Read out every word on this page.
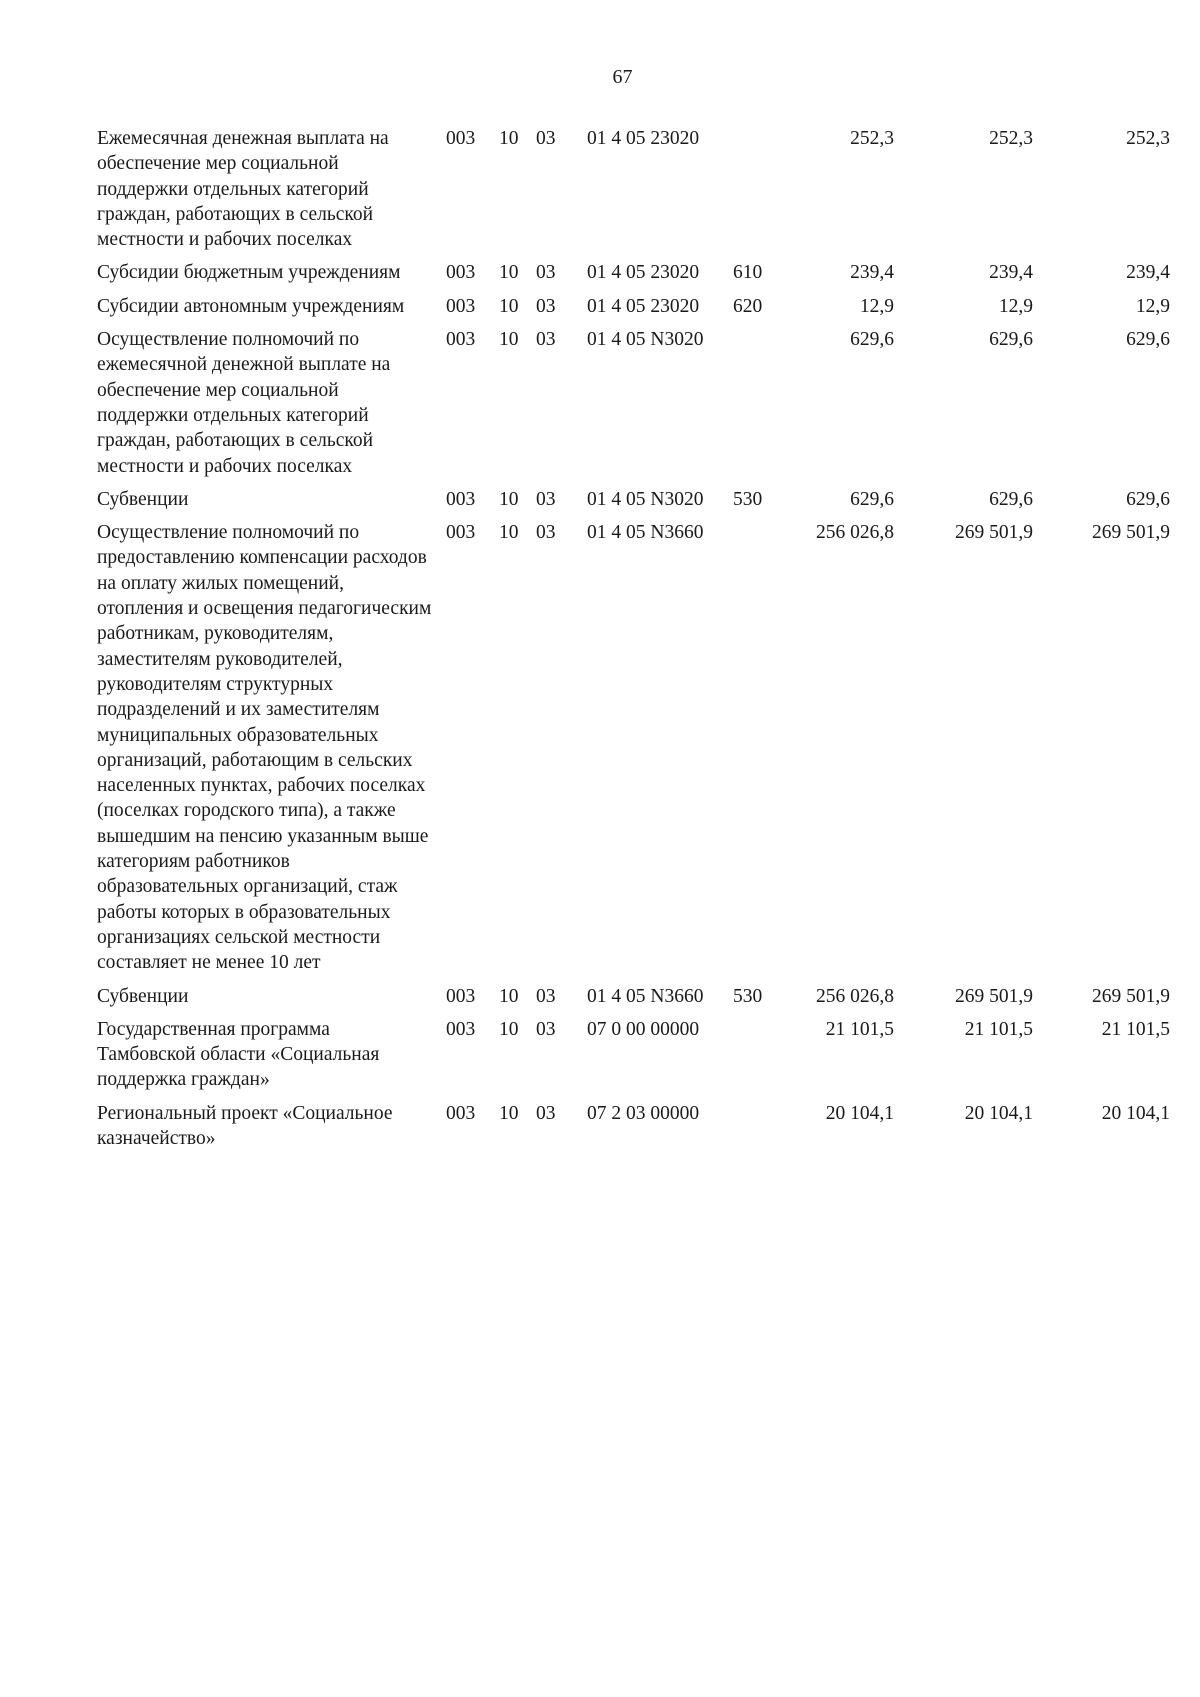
67
Ежемесячная денежная выплата на обеспечение мер социальной поддержки отдельных категорий граждан, работающих в сельской местности и рабочих поселках	003	10	03	01 4 05 23020		252,3	252,3	252,3
Субсидии бюджетным учреждениям	003	10	03	01 4 05 23020	610	239,4	239,4	239,4
Субсидии автономным учреждениям	003	10	03	01 4 05 23020	620	12,9	12,9	12,9
Осуществление полномочий по ежемесячной денежной выплате на обеспечение мер социальной поддержки отдельных категорий граждан, работающих в сельской местности и рабочих поселках	003	10	03	01 4 05 N3020		629,6	629,6	629,6
Субвенции	003	10	03	01 4 05 N3020	530	629,6	629,6	629,6
Осуществление полномочий по предоставлению компенсации расходов на оплату жилых помещений, отопления и освещения педагогическим работникам, руководителям, заместителям руководителей, руководителям структурных подразделений и их заместителям муниципальных образовательных организаций, работающим в сельских населенных пунктах, рабочих поселках (поселках городского типа), а также вышедшим на пенсию указанным выше категориям работников образовательных организаций, стаж работы которых в образовательных организациях сельской местности составляет не менее 10 лет	003	10	03	01 4 05 N3660		256 026,8	269 501,9	269 501,9
Субвенции	003	10	03	01 4 05 N3660	530	256 026,8	269 501,9	269 501,9
Государственная программа Тамбовской области «Социальная поддержка граждан»	003	10	03	07 0 00 00000		21 101,5	21 101,5	21 101,5
Региональный проект «Социальное казначейство»	003	10	03	07 2 03 00000		20 104,1	20 104,1	20 104,1
